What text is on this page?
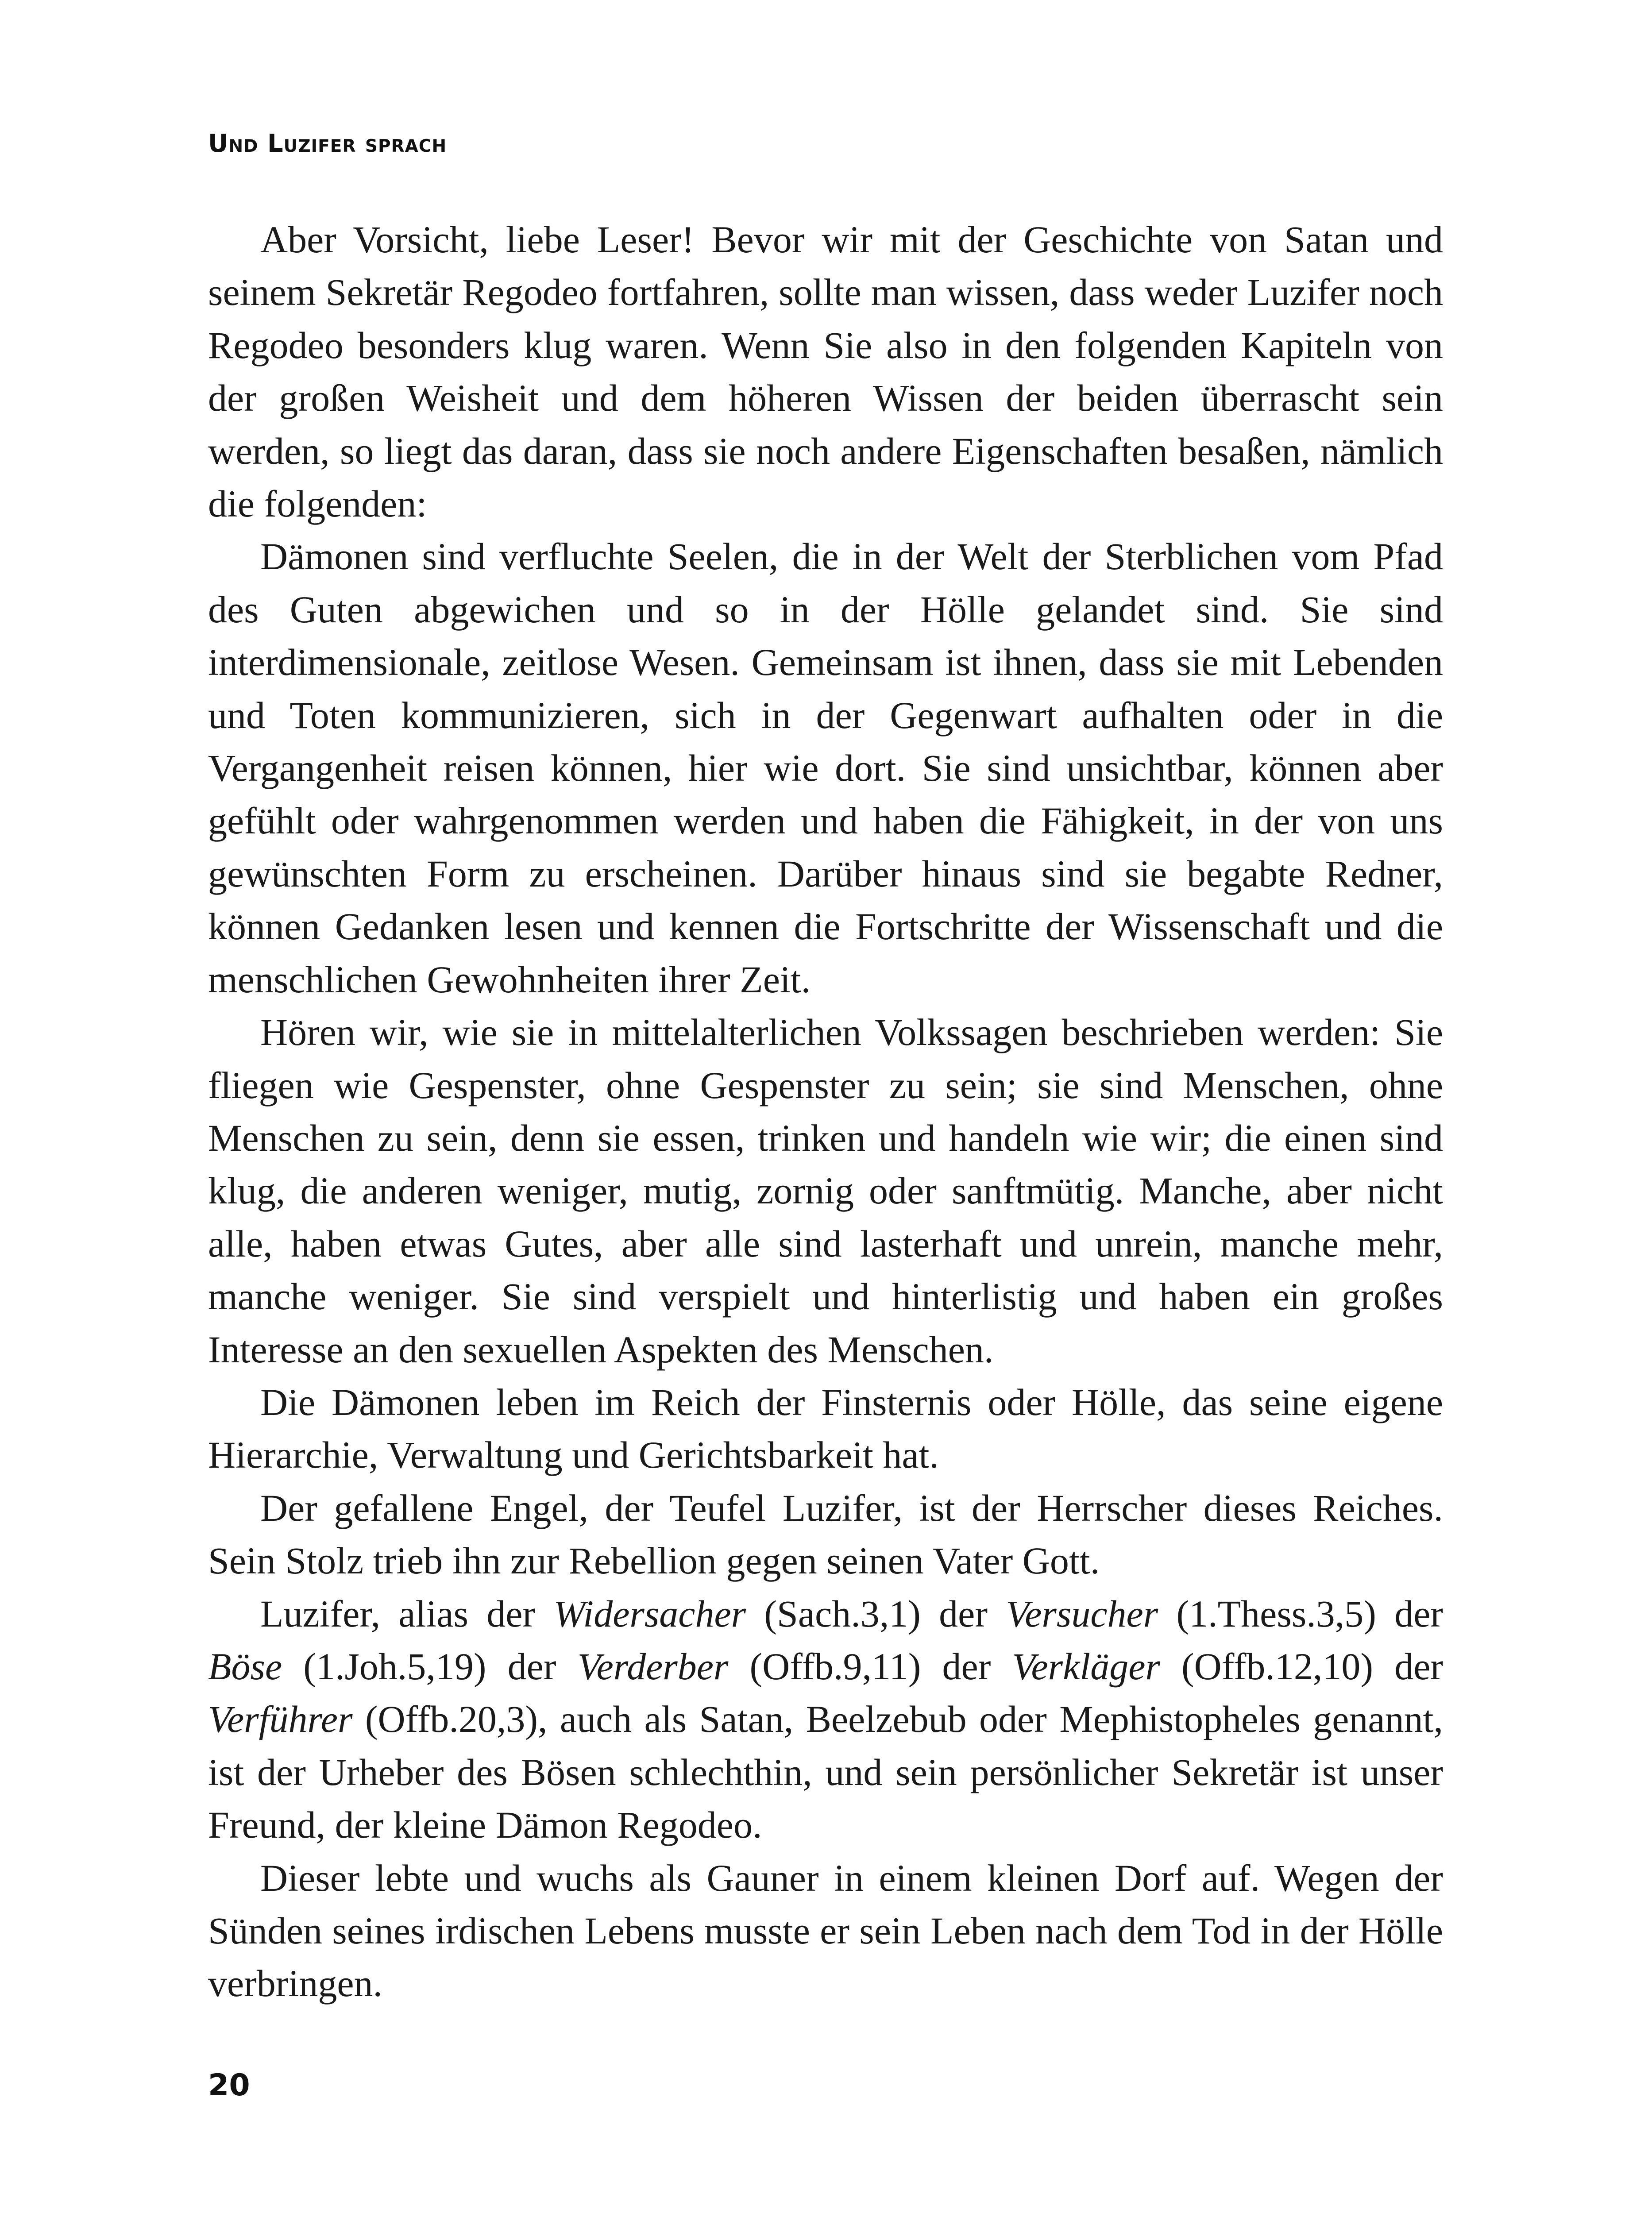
Und Luzifer sprach

Aber Vorsicht, liebe Leser! Bevor wir mit der Geschichte von Satan und seinem Sekretär Regodeo fortfahren, sollte man wissen, dass weder Luzifer noch Regodeo besonders klug waren. Wenn Sie also in den folgenden Kapiteln von der großen Weisheit und dem höheren Wissen der beiden überrascht sein werden, so liegt das daran, dass sie noch andere Eigenschaften besaßen, nämlich die folgenden:

Dämonen sind verfluchte Seelen, die in der Welt der Sterblichen vom Pfad des Guten abgewichen und so in der Hölle gelandet sind. Sie sind interdimensionale, zeitlose Wesen. Gemeinsam ist ihnen, dass sie mit Lebenden und Toten kommunizieren, sich in der Gegenwart aufhalten oder in die Vergangenheit reisen können, hier wie dort. Sie sind unsichtbar, können aber gefühlt oder wahrgenommen werden und haben die Fähigkeit, in der von uns gewünschten Form zu erscheinen. Darüber hinaus sind sie begabte Redner, können Gedanken lesen und kennen die Fortschritte der Wissenschaft und die menschlichen Gewohnheiten ihrer Zeit.

Hören wir, wie sie in mittelalterlichen Volkssagen beschrieben werden: Sie fliegen wie Gespenster, ohne Gespenster zu sein; sie sind Menschen, ohne Menschen zu sein, denn sie essen, trinken und handeln wie wir; die einen sind klug, die anderen weniger, mutig, zornig oder sanftmütig. Manche, aber nicht alle, haben etwas Gutes, aber alle sind lasterhaft und unrein, manche mehr, manche weniger. Sie sind verspielt und hinterlistig und haben ein großes Interesse an den sexuellen Aspekten des Menschen.

Die Dämonen leben im Reich der Finsternis oder Hölle, das seine eigene Hierarchie, Verwaltung und Gerichtsbarkeit hat.

Der gefallene Engel, der Teufel Luzifer, ist der Herrscher dieses Reiches. Sein Stolz trieb ihn zur Rebellion gegen seinen Vater Gott.

Luzifer, alias der Widersacher (Sach.3,1) der Versucher (1.Thess.3,5) der Böse (1.Joh.5,19) der Verderber (Offb.9,11) der Verkläger (Offb.12,10) der Verführer (Offb.20,3), auch als Satan, Beelzebub oder Mephistopheles genannt, ist der Urheber des Bösen schlechthin, und sein persönlicher Sekretär ist unser Freund, der kleine Dämon Regodeo.

Dieser lebte und wuchs als Gauner in einem kleinen Dorf auf. Wegen der Sünden seines irdischen Lebens musste er sein Leben nach dem Tod in der Hölle verbringen.

20
